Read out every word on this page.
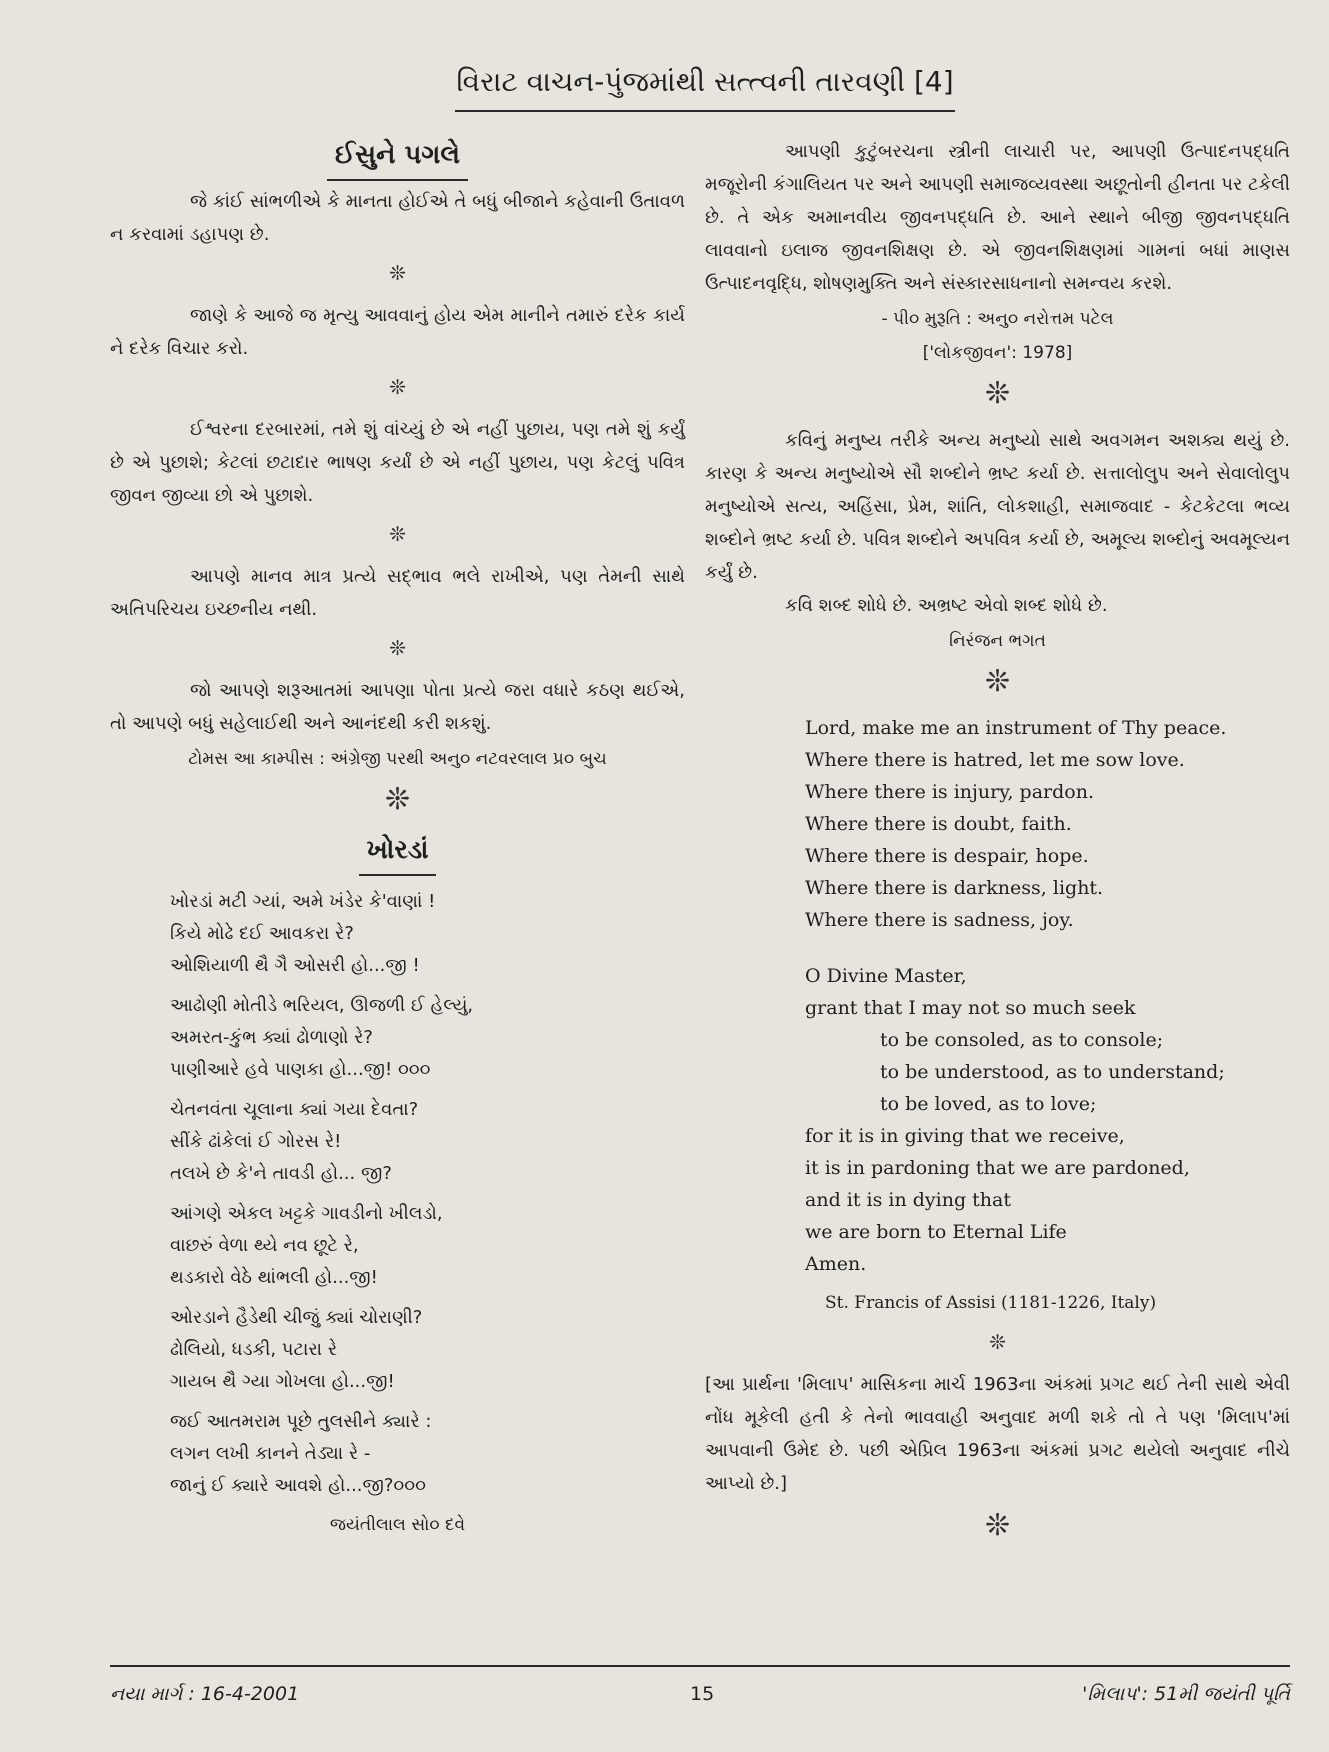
વિરાટ વાચન-પુંજમાંથી સત્ત્વની તારવણી [4]
ઈસુને પગલે

જે કાંઈ સાંભળીએ કે માનતા હોઈએ તે બધું બીજાને કહેવાની ઉતાવળ ન કરવામાં ડહાપણ છે.

❊

જાણે કે આજે જ મૃત્યુ આવવાનું હોય એમ માનીને તમારું દરેક કાર્ય ને દરેક વિચાર કરો.

❊

ઈશ્વરના દરબારમાં, તમે શું વાંચ્યું છે એ નહીં પુછાય, પણ તમે શું કર્યું છે એ પુછાશે; કેટલાં છટાદાર ભાષણ કર્યાં છે એ નહીં પુછાય, પણ કેટલું પવિત્ર જીવન જીવ્યા છો એ પુછાશે.

❊

આપણે માનવ માત્ર પ્રત્યે સદ્ભાવ ભલે રાખીએ, પણ તેમની સાથે અતિપરિચય ઇચ્છનીય નથી.

❊

જો આપણે શરૂઆતમાં આપણા પોતા પ્રત્યે જરા વધારે કઠણ થઈએ, તો આપણે બધું સહેલાઈથી અને આનંદથી કરી શકશું.

ટોમસ આ કામ્પીસ : અંગ્રેજી પરથી અનુ૦ નટવરલાલ પ્ર૦ બુચ
❊
ખોરડાં

ખોરડાં મટી ગ્યાં, અમે ખંડેર કે'વાણાં !

કિયે મોઢે દઈ આવકરા રે?

ઓશિયાળી થૈ ગૈ ઓસરી હો...જી !

આઢોણી મોતીડે ભરિયલ, ઊજળી ઈ હેલ્યું,

અમરત-કુંભ ક્યાં ઢોળાણો રે?

પાણીઆરે હવે પાણકા હો...જી! ૦૦૦

ચેતનવંતા ચૂલાના ક્યાં ગયા દેવતા?

સીંકે ઢાંકેલાં ઈ ગોરસ રે!

તલખે છે કે'ને તાવડી હો... જી?

આંગણે એકલ ખટ્ટકે ગાવડીનો ખીલડો,

વાછરું વેળા થ્યે નવ છૂટે રે,

થડકારો વેઠે થાંભલી હો...જી!

ઓરડાને હૈડેથી ચીજું ક્યાં ચોરાણી?

ઢોલિયો, ધડકી, પટારા રે

ગાયબ થૈ ગ્યા ગોખલા હો...જી!

જઈ આતમરામ પૂછે તુલસીને ક્યારે :

લગન લખી કાનને તેડ્યા રે -

જાનું ઈ ક્યારે આવશે હો...જી?૦૦૦

જયંતીલાલ સો૦ દવે

આપણી કુટુંબરચના સ્ત્રીની લાચારી પર, આપણી ઉત્પાદનપદ્ધતિ મજૂરોની કંગાલિયત પર અને આપણી સમાજવ્યવસ્થા અછૂતોની હીનતા પર ટકેલી છે. તે એક અમાનવીય જીવનપદ્ધતિ છે. આને સ્થાને બીજી જીવનપદ્ધતિ લાવવાનો ઇલાજ જીવનશિક્ષણ છે. એ જીવનશિક્ષણમાં ગામનાં બધાં માણસ ઉત્પાદનવૃદ્ધિ, શોષણમુક્તિ અને સંસ્કારસાધનાનો સમન્વય કરશે.

- પી૦ મુરૂતિ : અનુ૦ નરોત્તમ પટેલ
['લોકજીવન': 1978]
❊

કવિનું મનુષ્ય તરીકે અન્ય મનુષ્યો સાથે અવગમન અશક્ય થયું છે. કારણ કે અન્ય મનુષ્યોએ સૌ શબ્દોને ભ્રષ્ટ કર્યા છે. સત્તાલોલુપ અને સેવાલોલુપ મનુષ્યોએ સત્ય, અહિંસા, પ્રેમ, શાંતિ, લોકશાહી, સમાજવાદ - કેટકેટલા ભવ્ય શબ્દોને ભ્રષ્ટ કર્યા છે. પવિત્ર શબ્દોને અપવિત્ર કર્યા છે, અમૂલ્ય શબ્દોનું અવમૂલ્યન કર્યું છે.

કવિ શબ્દ શોધે છે. અભ્રષ્ટ એવો શબ્દ શોધે છે.

નિરંજન ભગત
❊

Lord, make me an instrument of Thy peace.

Where there is hatred, let me sow love.

Where there is injury, pardon.

Where there is doubt, faith.

Where there is despair, hope.

Where there is darkness, light.

Where there is sadness, joy.

O Divine Master,

grant that I may not so much seek

to be consoled, as to console;

to be understood, as to understand;

to be loved, as to love;

for it is in giving that we receive,

it is in pardoning that we are pardoned,

and it is in dying that

we are born to Eternal Life

Amen.

St. Francis of Assisi (1181-1226, Italy)
❊

[આ પ્રાર્થના 'મિલાપ' માસિકના માર્ચ 1963ના અંકમાં પ્રગટ થઈ તેની સાથે એવી નોંધ મૂકેલી હતી કે તેનો ભાવવાહી અનુવાદ મળી શકે તો તે પણ 'મિલાપ'માં આપવાની ઉમેદ છે. પછી એપ્રિલ 1963ના અંકમાં પ્રગટ થયેલો અનુવાદ નીચે આપ્યો છે.]

❊
નયા માર્ગ : 16-4-2001	15	'મિલાપ': 51મી જયંતી પૂર્તિ
